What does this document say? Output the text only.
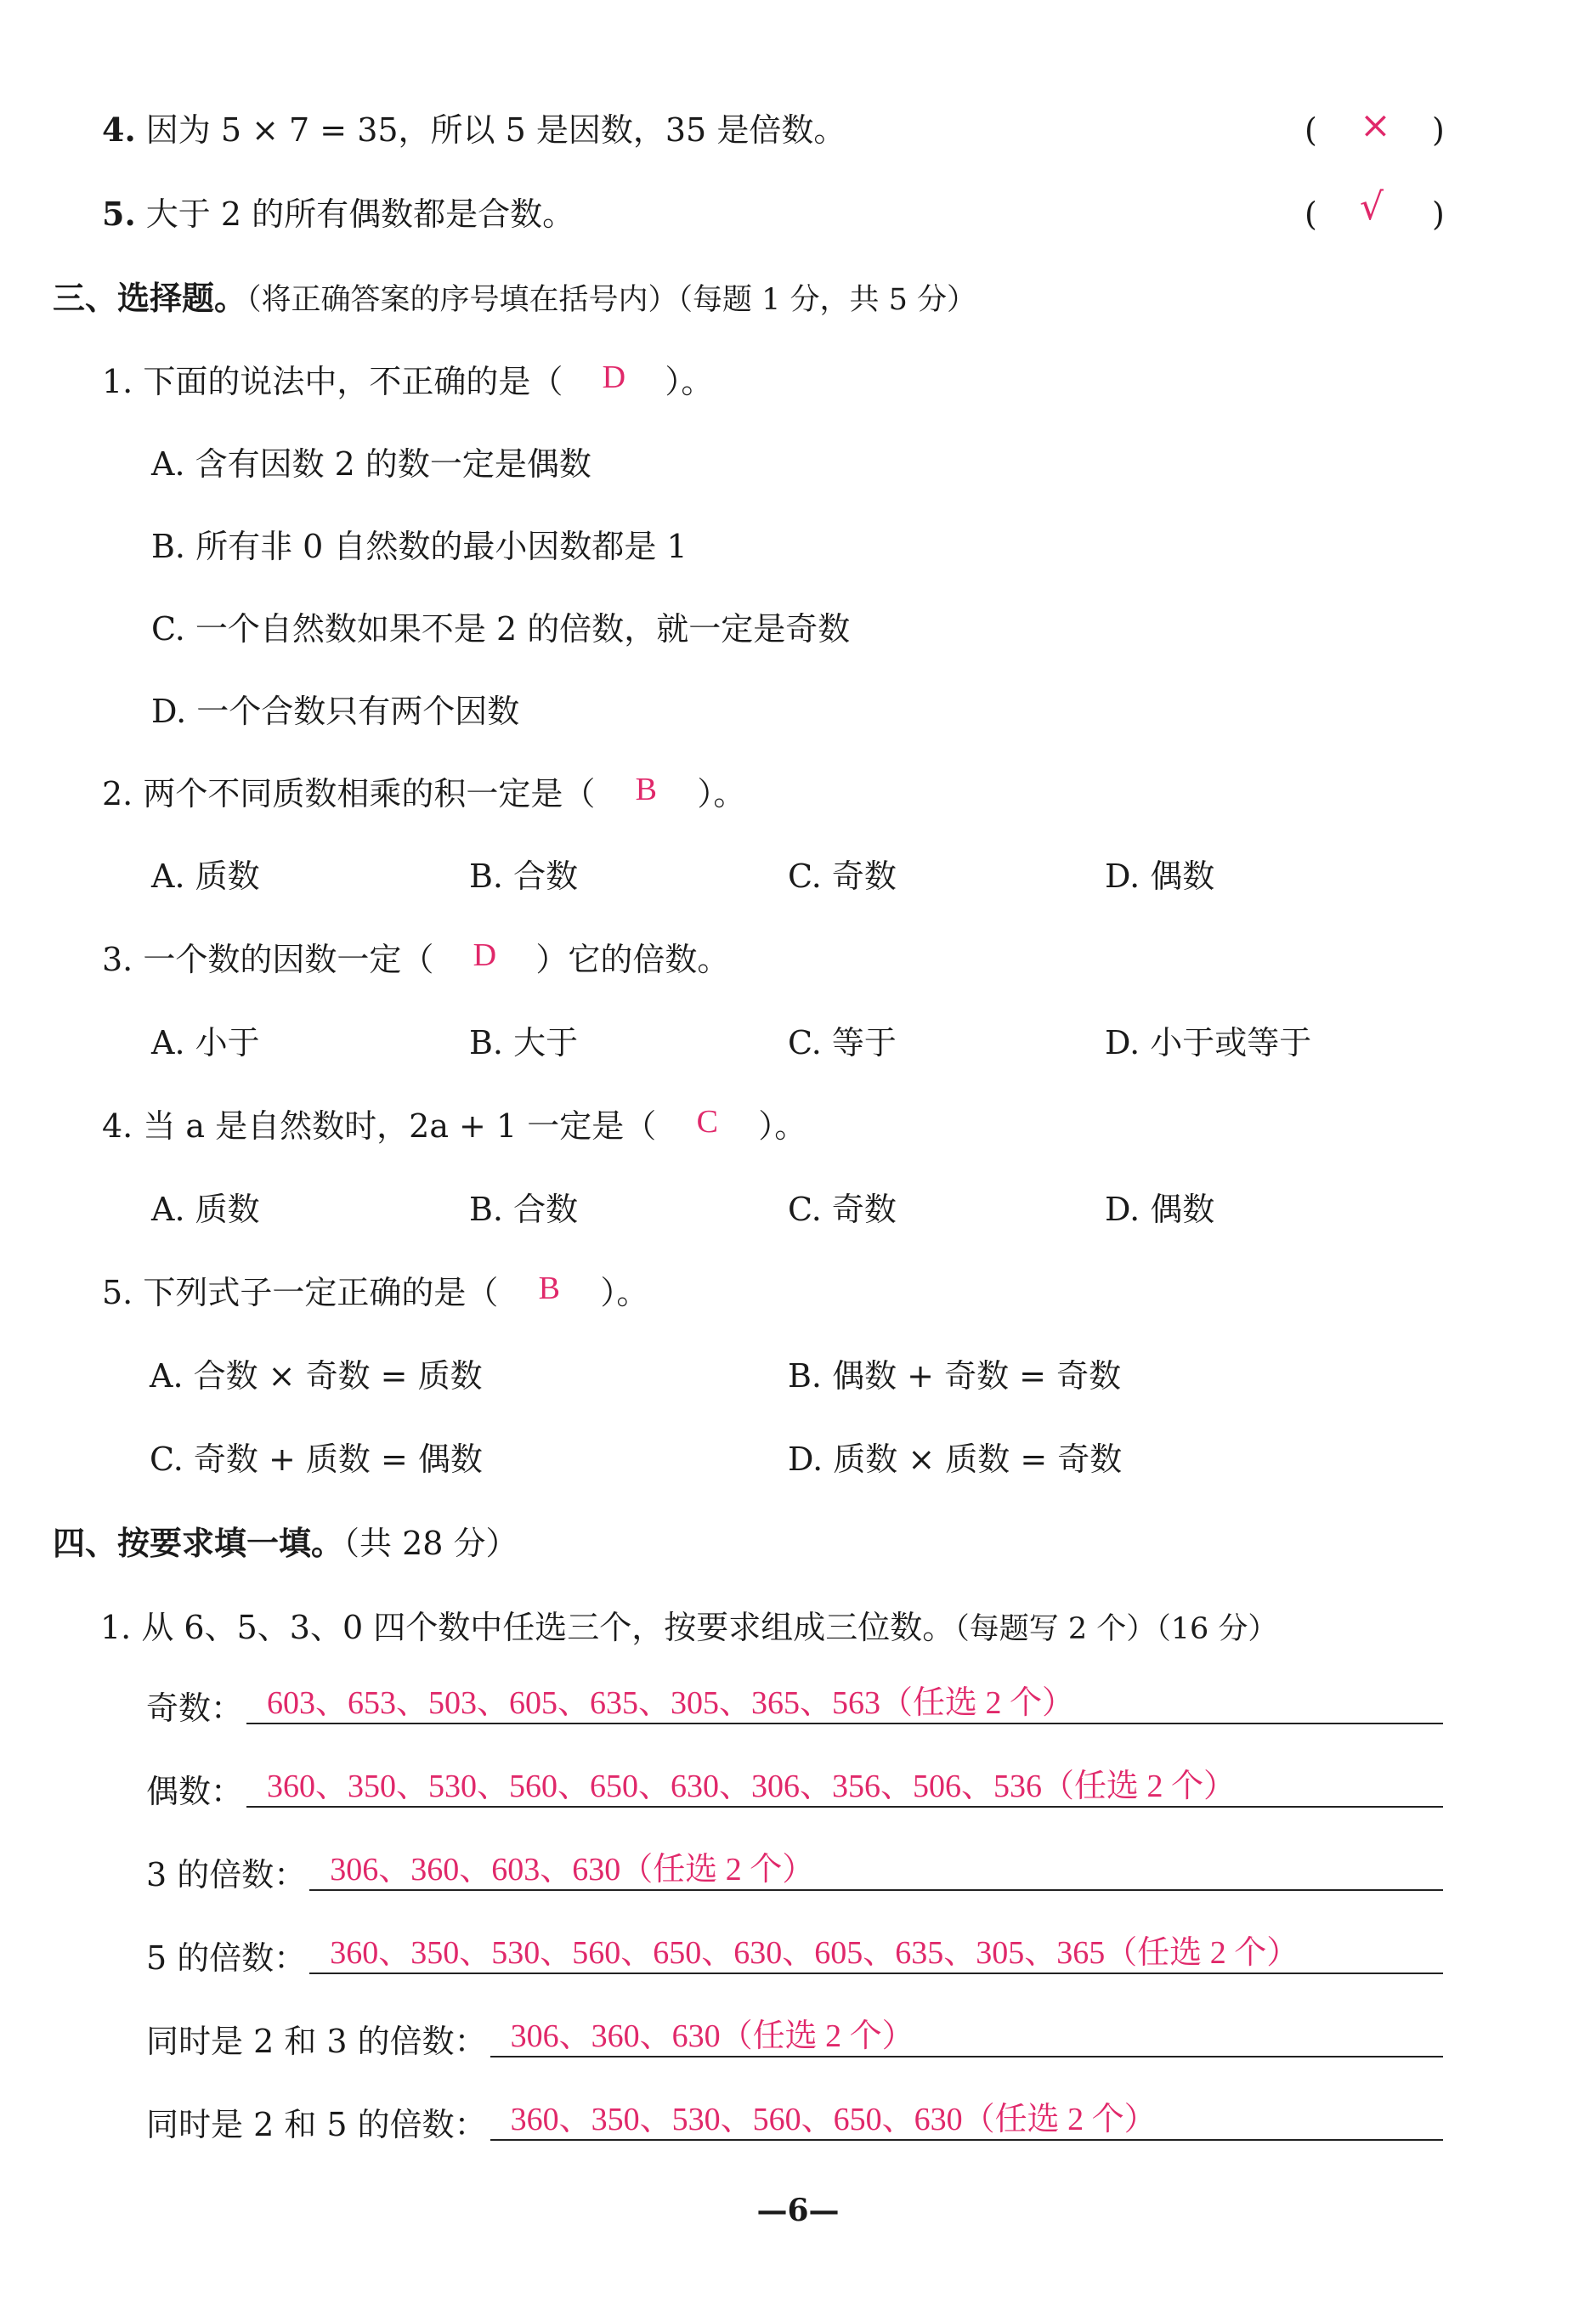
4. 因为 5 × 7 = 35，所以 5 是因数，35 是倍数。	( × )
5. 大于 2 的所有偶数都是合数。	( √ )
三、选择题。（将正确答案的序号填在括号内）（每题 1 分，共 5 分）
1. 下面的说法中，不正确的是（ D ）。
A. 含有因数 2 的数一定是偶数
B. 所有非 0 自然数的最小因数都是 1
C. 一个自然数如果不是 2 的倍数，就一定是奇数
D. 一个合数只有两个因数
2. 两个不同质数相乘的积一定是（ B ）。
A. 质数	B. 合数	C. 奇数	D. 偶数
3. 一个数的因数一定（ D ）它的倍数。
A. 小于	B. 大于	C. 等于	D. 小于或等于
4. 当 a 是自然数时，2a + 1 一定是（ C ）。
A. 质数	B. 合数	C. 奇数	D. 偶数
5. 下列式子一定正确的是（ B ）。
A. 合数 × 奇数 = 质数	B. 偶数 + 奇数 = 奇数
C. 奇数 + 质数 = 偶数	D. 质数 × 质数 = 奇数
四、按要求填一填。（共 28 分）
1. 从 6、5、3、0 四个数中任选三个，按要求组成三位数。（每题写 2 个）（16 分）
奇数： 603、653、503、605、635、305、365、563（任选 2 个）
偶数： 360、350、530、560、650、630、306、356、506、536（任选 2 个）
3 的倍数： 306、360、603、630（任选 2 个）
5 的倍数： 360、350、530、560、650、630、605、635、305、365（任选 2 个）
同时是 2 和 3 的倍数： 306、360、630（任选 2 个）
同时是 2 和 5 的倍数： 360、350、530、560、650、630（任选 2 个）
—6—
